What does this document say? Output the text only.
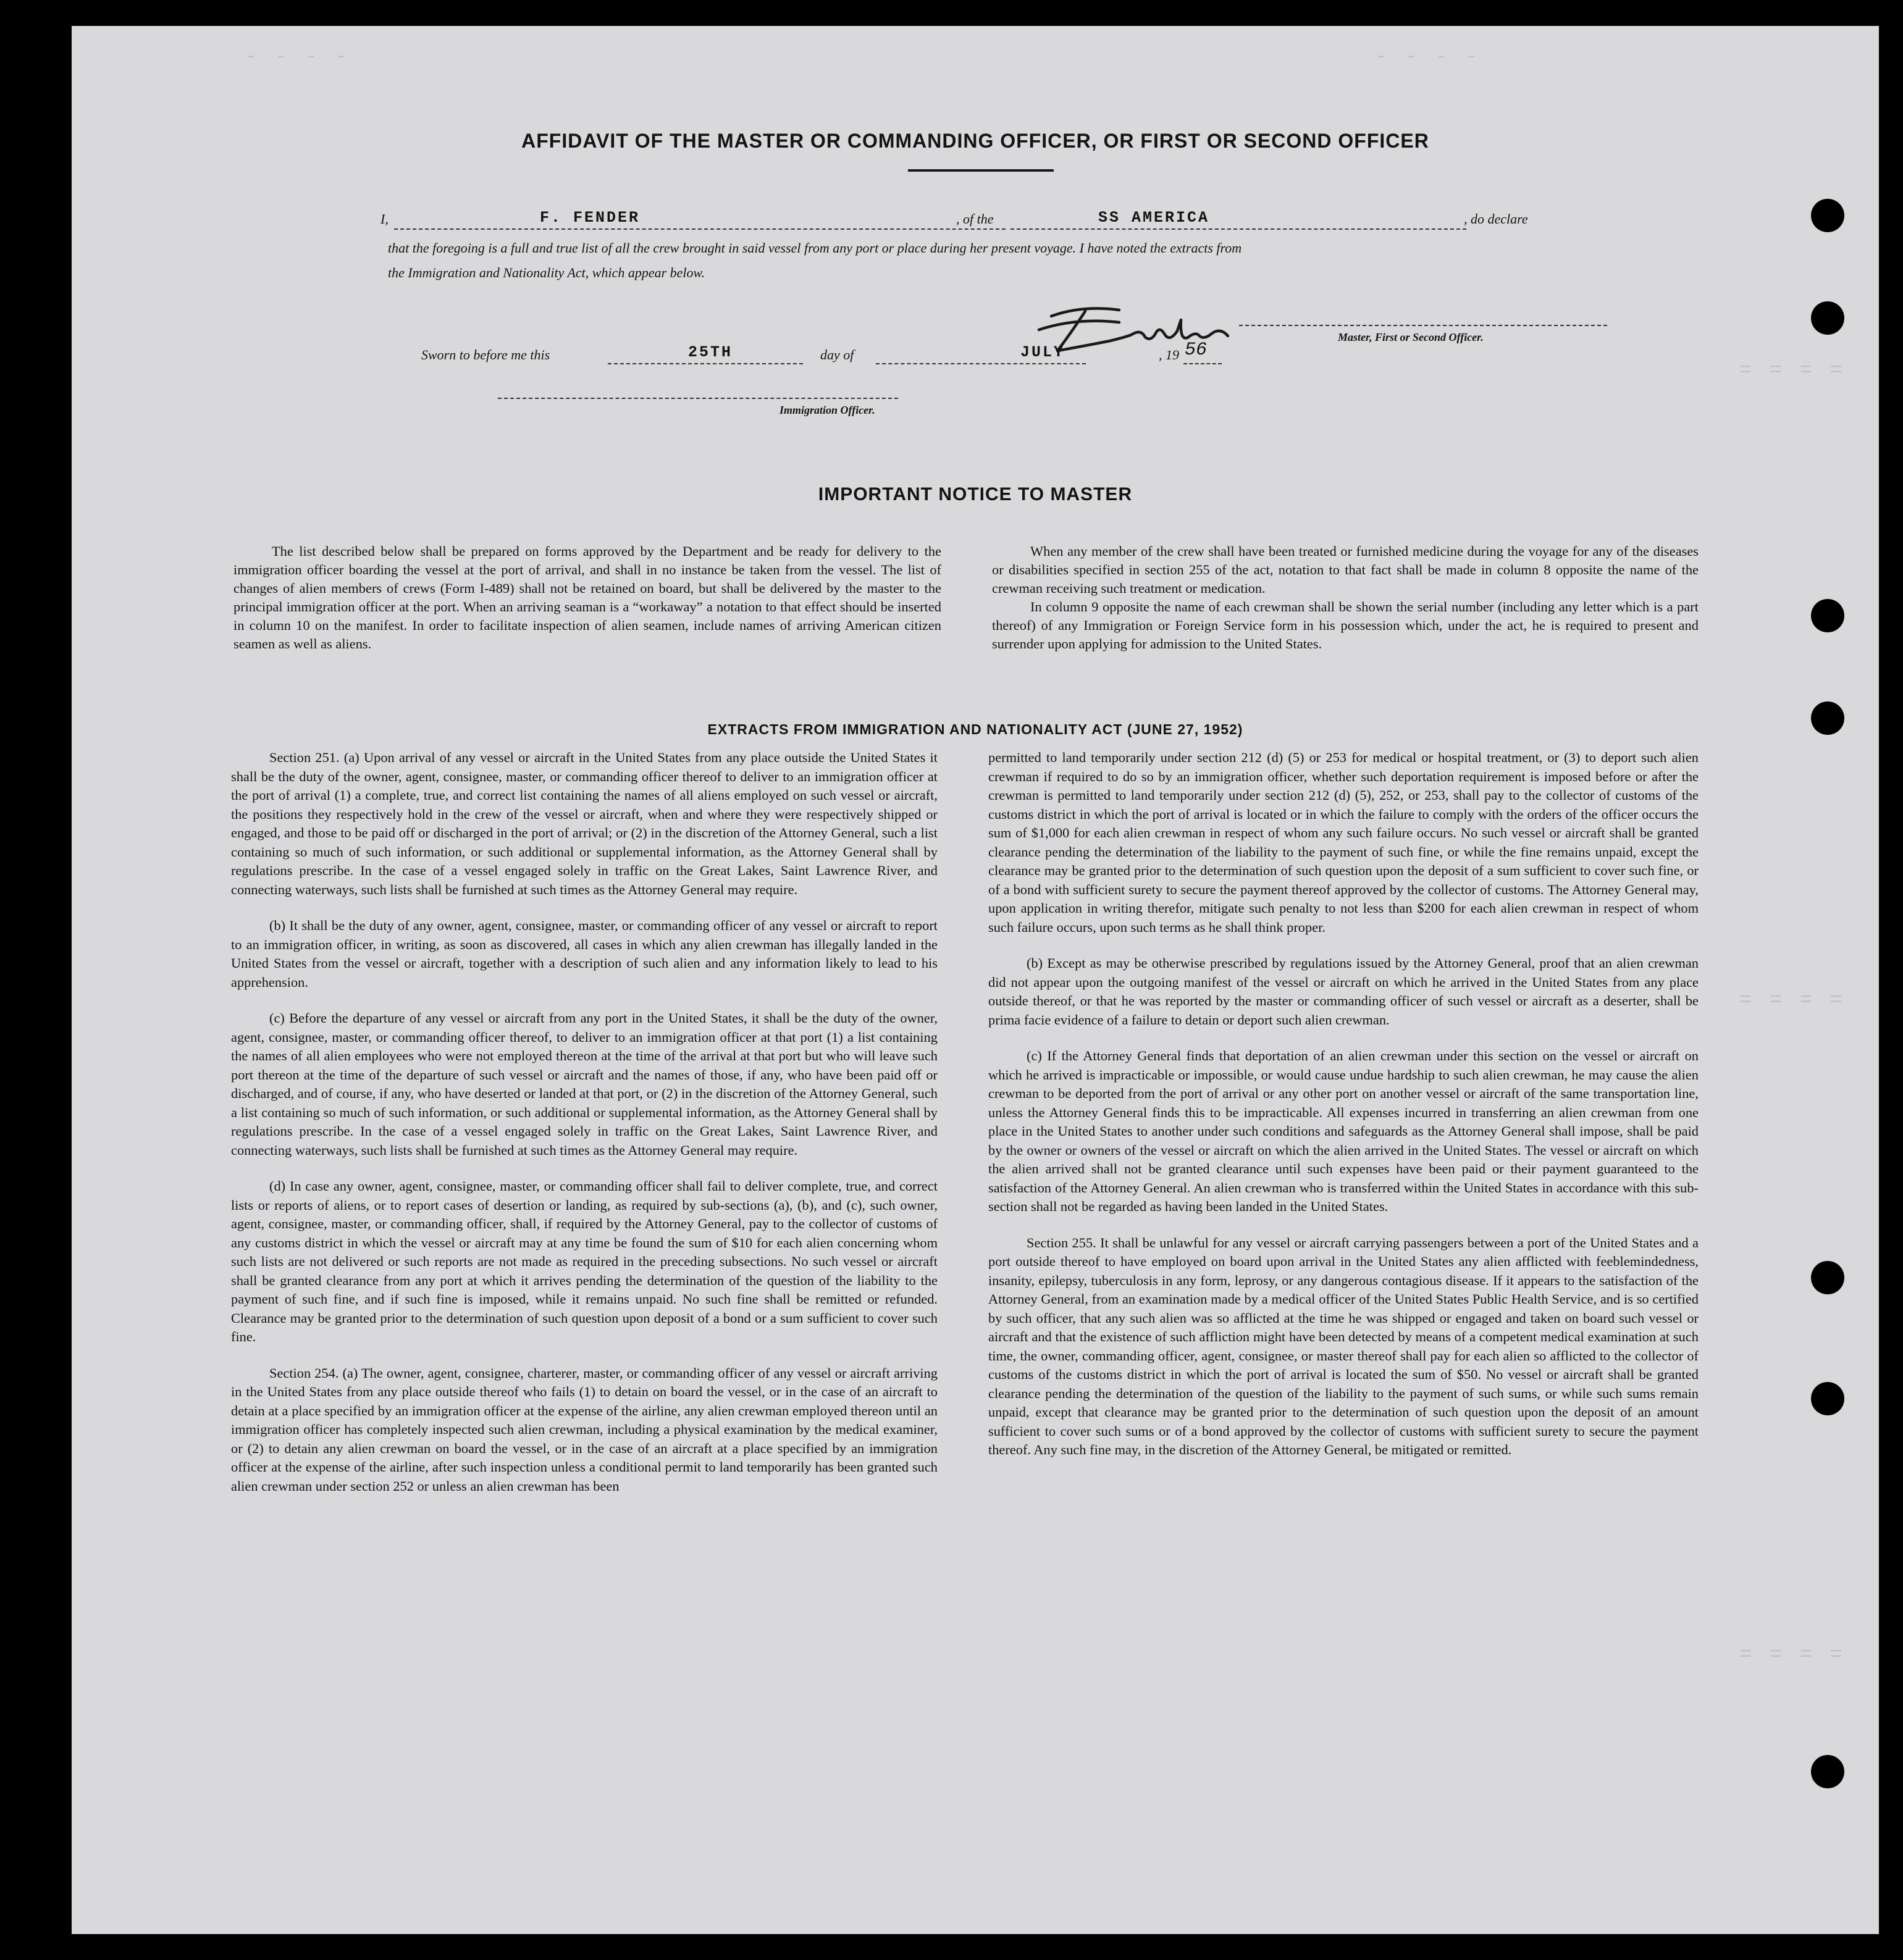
- - - -	- - - -
= = = =
= = = =
= = = =
AFFIDAVIT OF THE MASTER OR COMMANDING OFFICER, OR FIRST OR SECOND OFFICER
I,	F. FENDER	, of the	SS AMERICA	, do declare
that the foregoing is a full and true list of all the crew brought in said vessel from any port or place during her present voyage. I have noted the extracts from
the Immigration and Nationality Act, which appear below.
Master, First or Second Officer.
Sworn to before me this	25TH	day of	JULY	, 19 56
Immigration Officer.
IMPORTANT NOTICE TO MASTER

The list described below shall be prepared on forms approved by the Department and be ready for delivery to the immigration officer boarding the vessel at the port of arrival, and shall in no instance be taken from the vessel. The list of changes of alien members of crews (Form I-489) shall not be retained on board, but shall be delivered by the master to the principal immigration officer at the port. When an arriving seaman is a “workaway” a notation to that effect should be inserted in column 10 on the manifest. In order to facilitate inspection of alien seamen, include names of arriving American citizen seamen as well as aliens.

When any member of the crew shall have been treated or furnished medicine during the voyage for any of the diseases or disabilities specified in section 255 of the act, notation to that fact shall be made in column 8 opposite the name of the crewman receiving such treatment or medication.

In column 9 opposite the name of each crewman shall be shown the serial number (including any letter which is a part thereof) of any Immigration or Foreign Service form in his possession which, under the act, he is required to present and surrender upon applying for admission to the United States.

EXTRACTS FROM IMMIGRATION AND NATIONALITY ACT (JUNE 27, 1952)

Section 251. (a) Upon arrival of any vessel or aircraft in the United States from any place outside the United States it shall be the duty of the owner, agent, consignee, master, or commanding officer thereof to deliver to an immigration officer at the port of arrival (1) a complete, true, and correct list containing the names of all aliens employed on such vessel or aircraft, the positions they respectively hold in the crew of the vessel or aircraft, when and where they were respectively shipped or engaged, and those to be paid off or discharged in the port of arrival; or (2) in the discretion of the Attorney General, such a list containing so much of such information, or such additional or supplemental information, as the Attorney General shall by regulations prescribe. In the case of a vessel engaged solely in traffic on the Great Lakes, Saint Lawrence River, and connecting waterways, such lists shall be furnished at such times as the Attorney General may require.

(b) It shall be the duty of any owner, agent, consignee, master, or commanding officer of any vessel or aircraft to report to an immigration officer, in writing, as soon as discovered, all cases in which any alien crewman has illegally landed in the United States from the vessel or aircraft, together with a description of such alien and any information likely to lead to his apprehension.

(c) Before the departure of any vessel or aircraft from any port in the United States, it shall be the duty of the owner, agent, consignee, master, or commanding officer thereof, to deliver to an immigration officer at that port (1) a list containing the names of all alien employees who were not employed thereon at the time of the arrival at that port but who will leave such port thereon at the time of the departure of such vessel or aircraft and the names of those, if any, who have been paid off or discharged, and of course, if any, who have deserted or landed at that port, or (2) in the discretion of the Attorney General, such a list containing so much of such information, or such additional or supplemental information, as the Attorney General shall by regulations prescribe. In the case of a vessel engaged solely in traffic on the Great Lakes, Saint Lawrence River, and connecting waterways, such lists shall be furnished at such times as the Attorney General may require.

(d) In case any owner, agent, consignee, master, or commanding officer shall fail to deliver complete, true, and correct lists or reports of aliens, or to report cases of desertion or landing, as required by sub-sections (a), (b), and (c), such owner, agent, consignee, master, or commanding officer, shall, if required by the Attorney General, pay to the collector of customs of any customs district in which the vessel or aircraft may at any time be found the sum of $10 for each alien concerning whom such lists are not delivered or such reports are not made as required in the preceding subsections. No such vessel or aircraft shall be granted clearance from any port at which it arrives pending the determination of the question of the liability to the payment of such fine, and if such fine is imposed, while it remains unpaid. No such fine shall be remitted or refunded. Clearance may be granted prior to the determination of such question upon deposit of a bond or a sum sufficient to cover such fine.

Section 254. (a) The owner, agent, consignee, charterer, master, or commanding officer of any vessel or aircraft arriving in the United States from any place outside thereof who fails (1) to detain on board the vessel, or in the case of an aircraft to detain at a place specified by an immigration officer at the expense of the airline, any alien crewman employed thereon until an immigration officer has completely inspected such alien crewman, including a physical examination by the medical examiner, or (2) to detain any alien crewman on board the vessel, or in the case of an aircraft at a place specified by an immigration officer at the expense of the airline, after such inspection unless a conditional permit to land temporarily has been granted such alien crewman under section 252 or unless an alien crewman has been

permitted to land temporarily under section 212 (d) (5) or 253 for medical or hospital treatment, or (3) to deport such alien crewman if required to do so by an immigration officer, whether such deportation requirement is imposed before or after the crewman is permitted to land temporarily under section 212 (d) (5), 252, or 253, shall pay to the collector of customs of the customs district in which the port of arrival is located or in which the failure to comply with the orders of the officer occurs the sum of $1,000 for each alien crewman in respect of whom any such failure occurs. No such vessel or aircraft shall be granted clearance pending the determination of the liability to the payment of such fine, or while the fine remains unpaid, except the clearance may be granted prior to the determination of such question upon the deposit of a sum sufficient to cover such fine, or of a bond with sufficient surety to secure the payment thereof approved by the collector of customs. The Attorney General may, upon application in writing therefor, mitigate such penalty to not less than $200 for each alien crewman in respect of whom such failure occurs, upon such terms as he shall think proper.

(b) Except as may be otherwise prescribed by regulations issued by the Attorney General, proof that an alien crewman did not appear upon the outgoing manifest of the vessel or aircraft on which he arrived in the United States from any place outside thereof, or that he was reported by the master or commanding officer of such vessel or aircraft as a deserter, shall be prima facie evidence of a failure to detain or deport such alien crewman.

(c) If the Attorney General finds that deportation of an alien crewman under this section on the vessel or aircraft on which he arrived is impracticable or impossible, or would cause undue hardship to such alien crewman, he may cause the alien crewman to be deported from the port of arrival or any other port on another vessel or aircraft of the same transportation line, unless the Attorney General finds this to be impracticable. All expenses incurred in transferring an alien crewman from one place in the United States to another under such conditions and safeguards as the Attorney General shall impose, shall be paid by the owner or owners of the vessel or aircraft on which the alien arrived in the United States. The vessel or aircraft on which the alien arrived shall not be granted clearance until such expenses have been paid or their payment guaranteed to the satisfaction of the Attorney General. An alien crewman who is transferred within the United States in accordance with this sub-section shall not be regarded as having been landed in the United States.

Section 255. It shall be unlawful for any vessel or aircraft carrying passengers between a port of the United States and a port outside thereof to have employed on board upon arrival in the United States any alien afflicted with feeblemindedness, insanity, epilepsy, tuberculosis in any form, leprosy, or any dangerous contagious disease. If it appears to the satisfaction of the Attorney General, from an examination made by a medical officer of the United States Public Health Service, and is so certified by such officer, that any such alien was so afflicted at the time he was shipped or engaged and taken on board such vessel or aircraft and that the existence of such affliction might have been detected by means of a competent medical examination at such time, the owner, commanding officer, agent, consignee, or master thereof shall pay for each alien so afflicted to the collector of customs of the customs district in which the port of arrival is located the sum of $50. No vessel or aircraft shall be granted clearance pending the determination of the question of the liability to the payment of such sums, or while such sums remain unpaid, except that clearance may be granted prior to the determination of such question upon the deposit of an amount sufficient to cover such sums or of a bond approved by the collector of customs with sufficient surety to secure the payment thereof. Any such fine may, in the discretion of the Attorney General, be mitigated or remitted.
